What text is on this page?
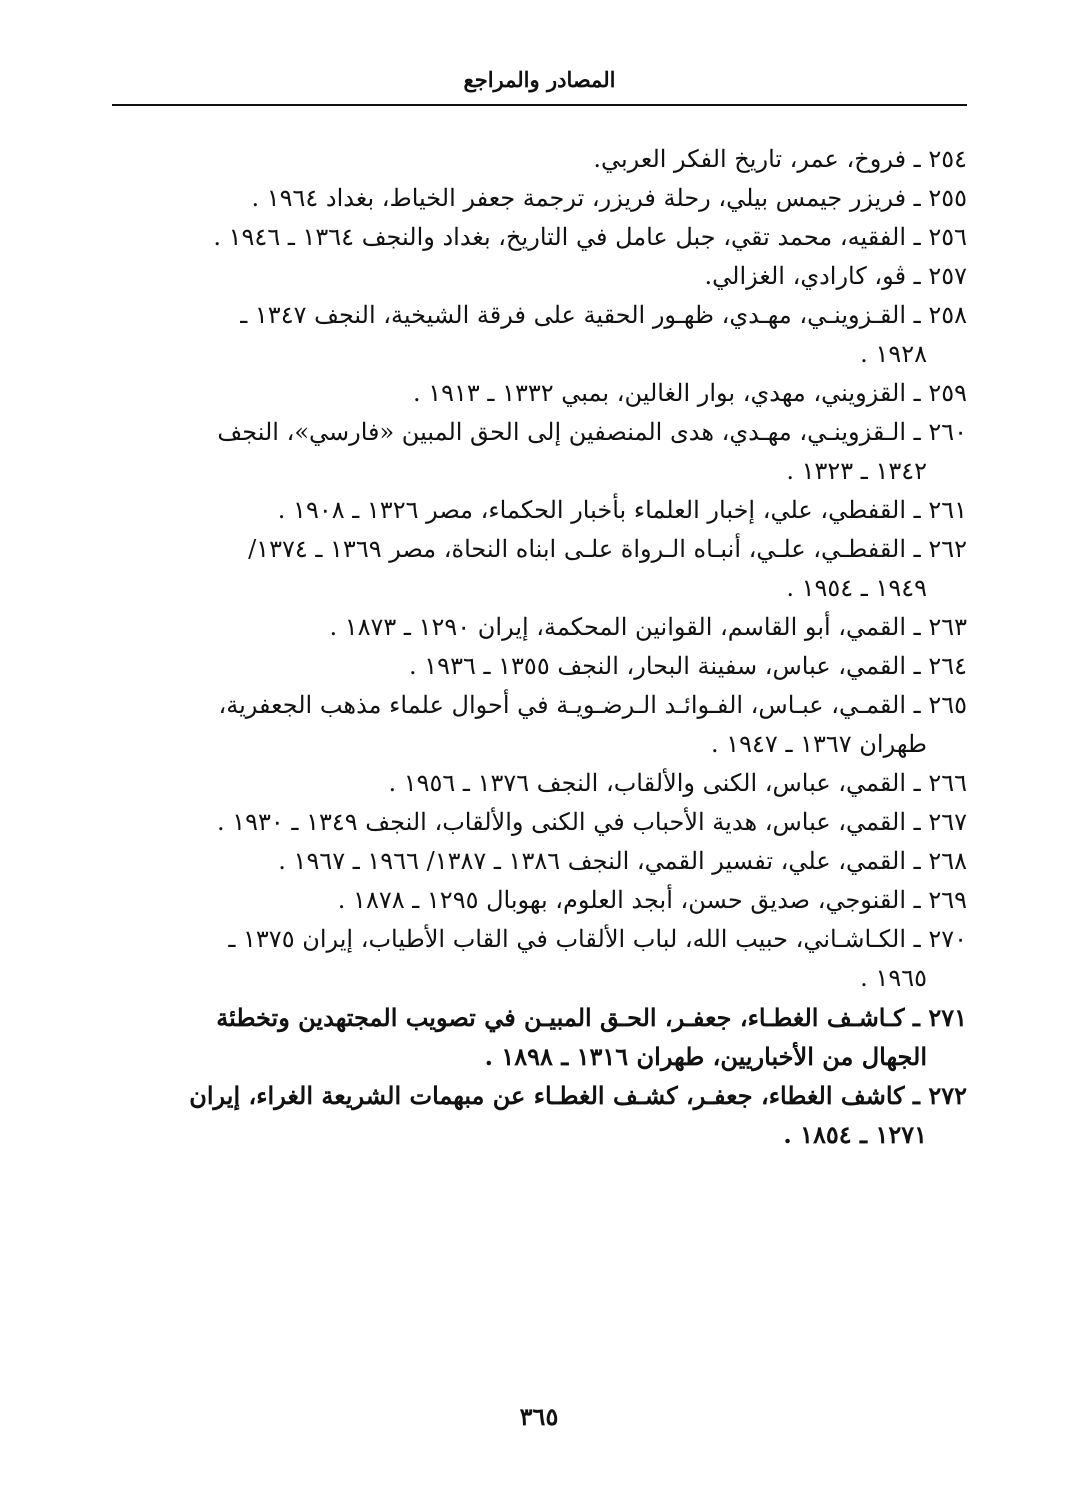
المصادر والمراجع
٢٥٤ ـ فروخ، عمر، تاريخ الفكر العربي.
٢٥٥ ـ فريزر جيمس بيلي، رحلة فريزر، ترجمة جعفر الخياط، بغداد ١٩٦٤ .
٢٥٦ ـ الفقيه، محمد تقي، جبل عامل في التاريخ، بغداد والنجف ١٣٦٤ ـ ١٩٤٦ .
٢٥٧ ـ ڤو، كارادي، الغزالي.
٢٥٨ ـ القـزوينـي، مهـدي، ظهـور الحقية على فرقة الشيخية، النجف ١٣٤٧ ـ
١٩٢٨ .
٢٥٩ ـ القزويني، مهدي، بوار الغالين، بمبي ١٣٣٢ ـ ١٩١٣ .
٢٦٠ ـ الـقزوينـي، مهـدي، هدى المنصفين إلى الحق المبين «فارسي»، النجف
١٣٤٢ ـ ١٣٢٣ .
٢٦١ ـ القفطي، علي، إخبار العلماء بأخبار الحكماء، مصر ١٣٢٦ ـ ١٩٠٨ .
٢٦٢ ـ القفطـي، علـي، أنبـاه الـرواة علـى ابناه النحاة، مصر ١٣٦٩ ـ ١٣٧٤/
١٩٤٩ ـ ١٩٥٤ .
٢٦٣ ـ القمي، أبو القاسم، القوانين المحكمة، إيران ١٢٩٠ ـ ١٨٧٣ .
٢٦٤ ـ القمي، عباس، سفينة البحار، النجف ١٣٥٥ ـ ١٩٣٦ .
٢٦٥ ـ القمـي، عبـاس، الفـوائـد الـرضـويـة في أحوال علماء مذهب الجعفرية،
طهران ١٣٦٧ ـ ١٩٤٧ .
٢٦٦ ـ القمي، عباس، الكنى والألقاب، النجف ١٣٧٦ ـ ١٩٥٦ .
٢٦٧ ـ القمي، عباس، هدية الأحباب في الكنى والألقاب، النجف ١٣٤٩ ـ ١٩٣٠ .
٢٦٨ ـ القمي، علي، تفسير القمي، النجف ١٣٨٦ ـ ١٣٨٧/ ١٩٦٦ ـ ١٩٦٧ .
٢٦٩ ـ القنوجي، صديق حسن، أبجد العلوم، بهوبال ١٢٩٥ ـ ١٨٧٨ .
٢٧٠ ـ الكـاشـاني، حبيب الله، لباب الألقاب في القاب الأطياب، إيران ١٣٧٥ ـ
١٩٦٥ .
٢٧١ ـ كـاشـف الغطـاء، جعفـر، الحـق المبيـن في تصويب المجتهدين وتخطئة
الجهال من الأخباريين، طهران ١٣١٦ ـ ١٨٩٨ .
٢٧٢ ـ كاشف الغطاء، جعفـر، كشـف الغطـاء عن مبهمات الشريعة الغراء، إيران
١٢٧١ ـ ١٨٥٤ .
٣٦٥
